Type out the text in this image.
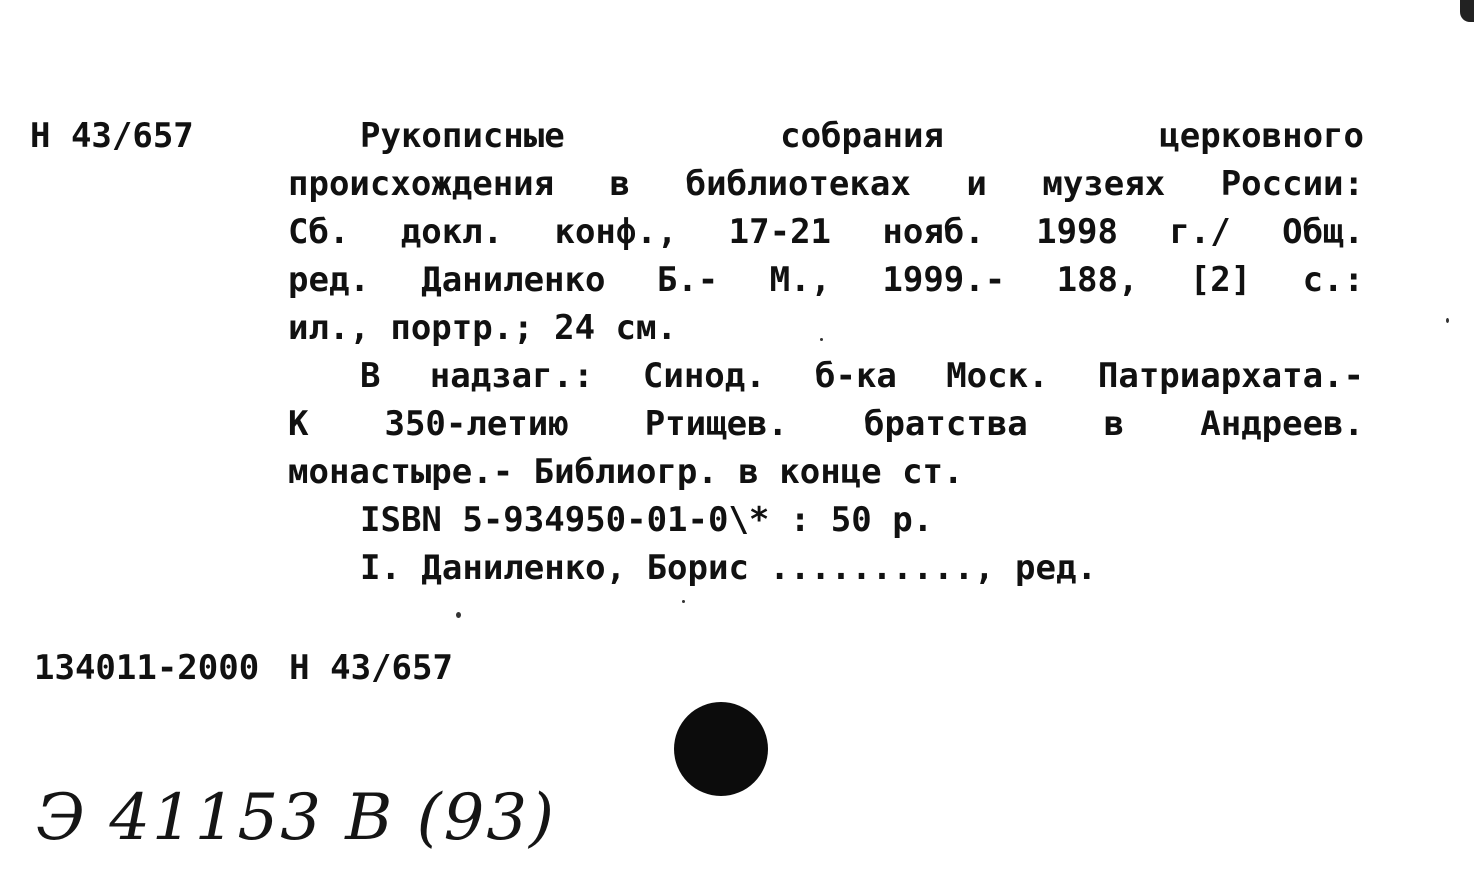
Н 43/657	Рукописные собрания церковного
происхождения в библиотеках и музеях России:
Сб. докл. конф., 17-21 нояб. 1998 г./ Общ.
ред. Даниленко Б.- М., 1999.- 188, [2] с.:
ил., портр.; 24 см.
В надзаг.: Синод. б-ка Моск. Патриархата.-
К 350-летию Ртищев. братства в Андреев.
монастыре.- Библиогр. в конце ст.
ISBN 5-934950-01-0\* : 50 р.
I. Даниленко, Борис .........., ред.
134011-2000 Н 43/657
Э 41153 В (93)
